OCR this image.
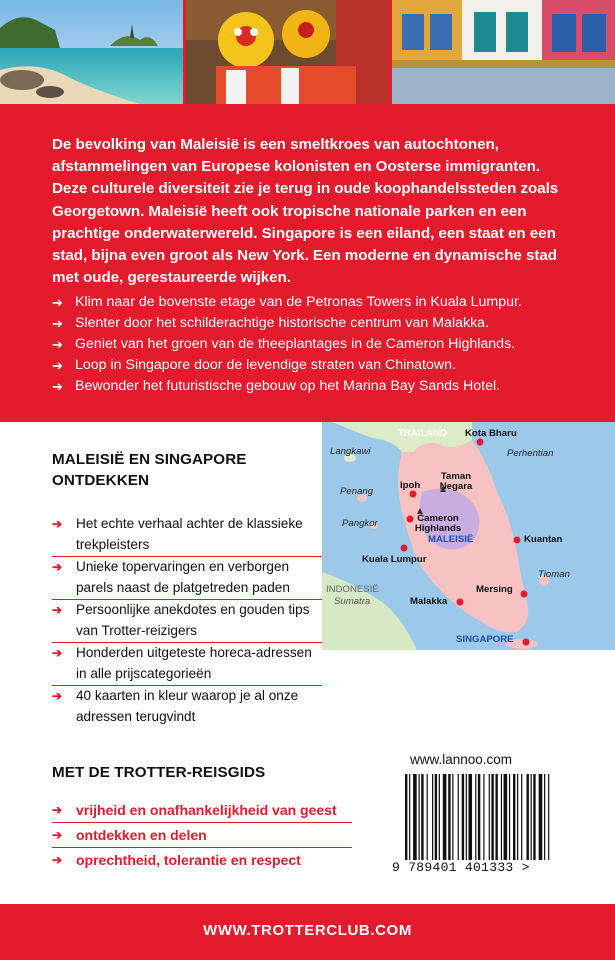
De bevolking van Maleisië is een smeltkroes van autochtonen, afstammelingen van Europese kolonisten en Oosterse immigranten. Deze culturele diversiteit zie je terug in oude koophandelssteden zoals Georgetown. Maleisië heeft ook tropische nationale parken en een prachtige onderwaterwereld. Singapore is een eiland, een staat en een stad, bijna even groot als New York. Een moderne en dynamische stad met oude, gerestaureerde wijken.

➔ Klim naar de bovenste etage van de Petronas Towers in Kuala Lumpur.
➔ Slenter door het schilderachtige historische centrum van Malakka.
➔ Geniet van het groen van de theeplantages in de Cameron Highlands.
➔ Loop in Singapore door de levendige straten van Chinatown.
➔ Bewonder het futuristische gebouw op het Marina Bay Sands Hotel.
MALEISIË EN SINGAPORE ONTDEKKEN
➔ Het echte verhaal achter de klassieke trekpleisters
➔ Unieke topervaringen en verborgen parels naast de platgetreden paden
➔ Persoonlijke anekdotes en gouden tips van Trotter-reizigers
➔ Honderden uitgeteste horeca-adressen in alle prijscategorieën
➔ 40 kaarten in kleur waarop je al onze adressen terugvindt
THAILAND Kota Bharu
Langkawi	Perhentian
Penang
Ipoh
Taman Negara
Pangkor	Cameron Highlands
MALEISIË	Kuantan
Kuala Lumpur
Tioman
Mersing
INDONESIË
Sumatra	Malakka
SINGAPORE
MET DE TROTTER-REISGIDS
➔ vrijheid en onafhankelijkheid van geest
➔ ontdekken en delen
➔ oprechtheid, tolerantie en respect
www.lannoo.com
9 789401 401333 >
WWW.TROTTERCLUB.COM
